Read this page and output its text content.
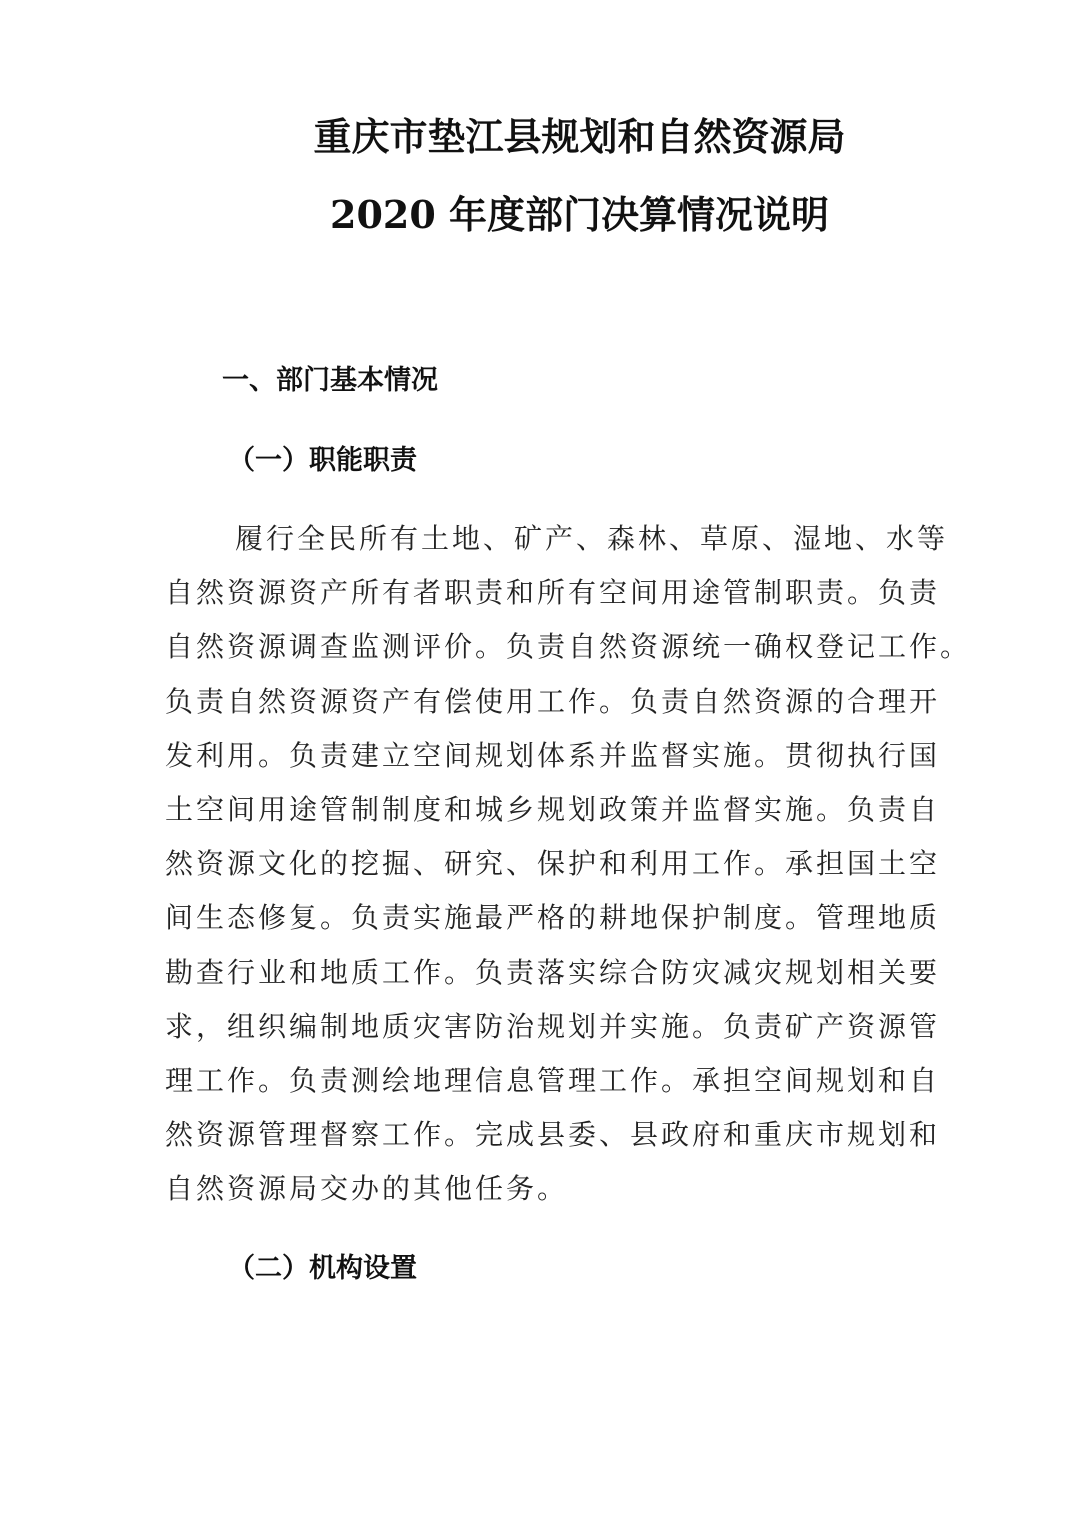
重庆市垫江县规划和自然资源局
2020 年度部门决算情况说明
一、部门基本情况
（一）职能职责
履行全民所有土地、矿产、森林、草原、湿地、水等
自然资源资产所有者职责和所有空间用途管制职责。负责
自然资源调查监测评价。负责自然资源统一确权登记工作。
负责自然资源资产有偿使用工作。负责自然资源的合理开
发利用。负责建立空间规划体系并监督实施。贯彻执行国
土空间用途管制制度和城乡规划政策并监督实施。负责自
然资源文化的挖掘、研究、保护和利用工作。承担国土空
间生态修复。负责实施最严格的耕地保护制度。管理地质
勘查行业和地质工作。负责落实综合防灾减灾规划相关要
求，组织编制地质灾害防治规划并实施。负责矿产资源管
理工作。负责测绘地理信息管理工作。承担空间规划和自
然资源管理督察工作。完成县委、县政府和重庆市规划和
自然资源局交办的其他任务。
（二）机构设置
